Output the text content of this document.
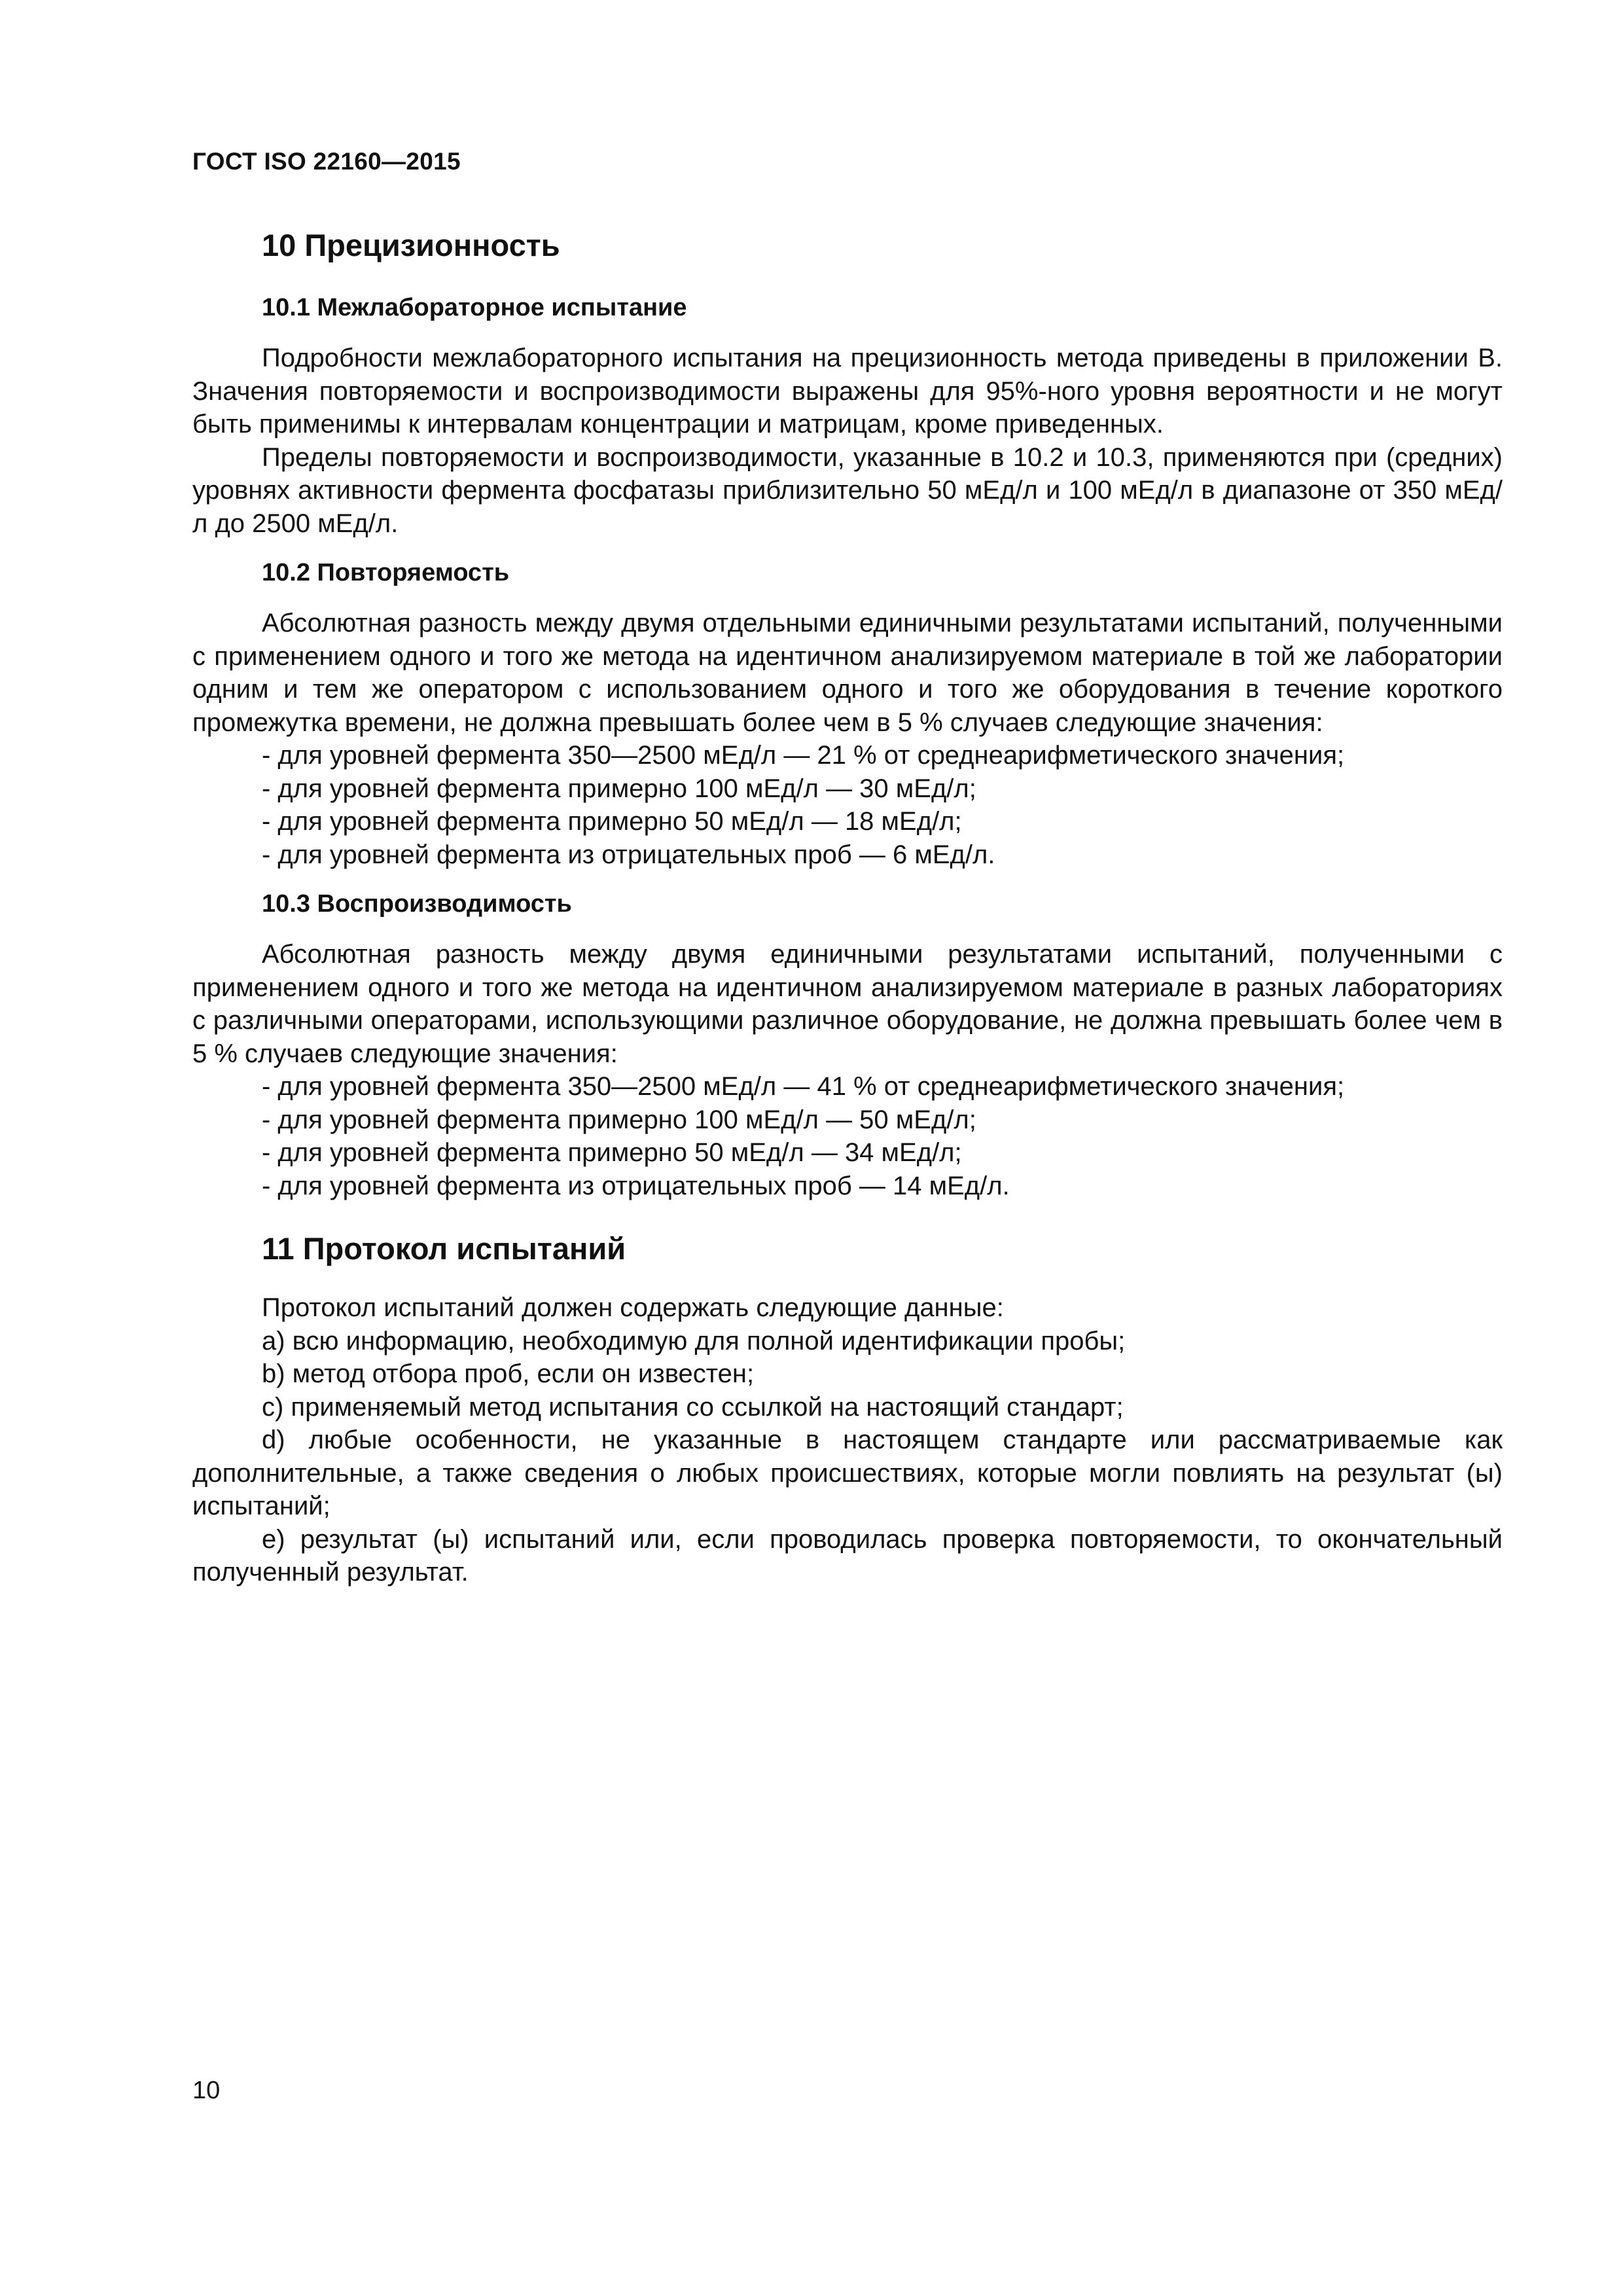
ГОСТ ISO 22160—2015
10 Прецизионность
10.1 Межлабораторное испытание

Подробности межлабораторного испытания на прецизионность метода приведены в приложении В. Значения повторяемости и воспроизводимости выражены для 95%-ного уровня вероятности и не могут быть применимы к интервалам концентрации и матрицам, кроме приведенных.

Пределы повторяемости и воспроизводимости, указанные в 10.2 и 10.3, применяются при (средних) уровнях активности фермента фосфатазы приблизительно 50 мЕд/л и 100 мЕд/л в диапазоне от 350 мЕд/л до 2500 мЕд/л.

10.2 Повторяемость

Абсолютная разность между двумя отдельными единичными результатами испытаний, полученными с применением одного и того же метода на идентичном анализируемом материале в той же лаборатории одним и тем же оператором с использованием одного и того же оборудования в течение короткого промежутка времени, не должна превышать более чем в 5 % случаев следующие значения:

- для уровней фермента 350—2500 мЕд/л — 21 % от среднеарифметического значения;

- для уровней фермента примерно 100 мЕд/л — 30 мЕд/л;

- для уровней фермента примерно 50 мЕд/л — 18 мЕд/л;

- для уровней фермента из отрицательных проб — 6 мЕд/л.

10.3 Воспроизводимость

Абсолютная разность между двумя единичными результатами испытаний, полученными с применением одного и того же метода на идентичном анализируемом материале в разных лабораториях с различными операторами, использующими различное оборудование, не должна превышать более чем в 5 % случаев следующие значения:

- для уровней фермента 350—2500 мЕд/л — 41 % от среднеарифметического значения;

- для уровней фермента примерно 100 мЕд/л — 50 мЕд/л;

- для уровней фермента примерно 50 мЕд/л — 34 мЕд/л;

- для уровней фермента из отрицательных проб — 14 мЕд/л.

11 Протокол испытаний

Протокол испытаний должен содержать следующие данные:

а) всю информацию, необходимую для полной идентификации пробы;

b) метод отбора проб, если он известен;

c) применяемый метод испытания со ссылкой на настоящий стандарт;

d) любые особенности, не указанные в настоящем стандарте или рассматриваемые как дополнительные, а также сведения о любых происшествиях, которые могли повлиять на результат (ы) испытаний;

e) результат (ы) испытаний или, если проводилась проверка повторяемости, то окончательный полученный результат.

10
